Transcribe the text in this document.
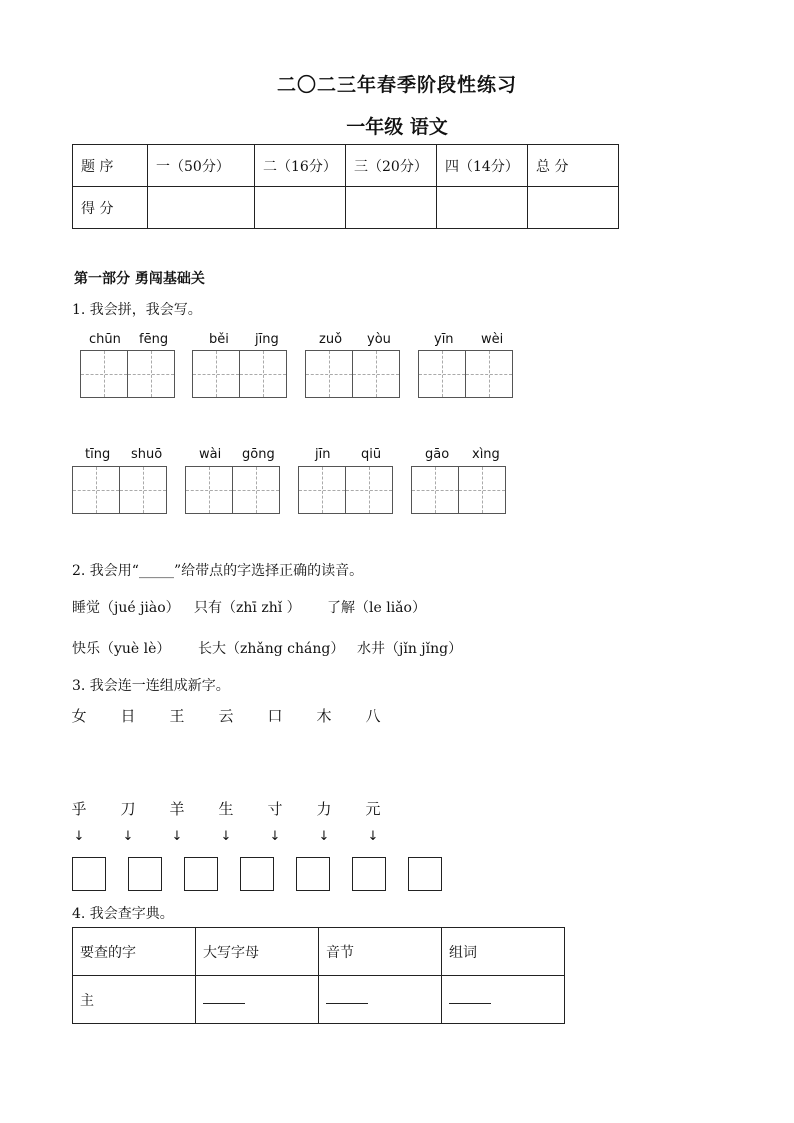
二〇二三年春季阶段性练习
一年级 语文
题 序	一（50分）	二（16分）	三（20分）	四（14分）	总 分
得 分					
第一部分 勇闯基础关
1. 我会拼，我会写。
chūn fēng	běi jīng	zuǒ yòu	yīn wèi
tīng shuō	wài gōng	jīn qiū	gāo xìng
2. 我会用“_____”给带点的字选择正确的读音。
睡觉（jué jiào） 只有（zhī zhǐ ） 了解（le liǎo）
快乐（yuè lè） 长大（zhǎng cháng） 水井（jǐn jǐng）
3. 我会连一连组成新字。
女 日 王 云 口 木 八
乎 刀 羊 生 寸 力 元
↓	↓	↓	↓	↓	↓	↓
4. 我会查字典。
要查的字	大写字母	音节	组词
主			
